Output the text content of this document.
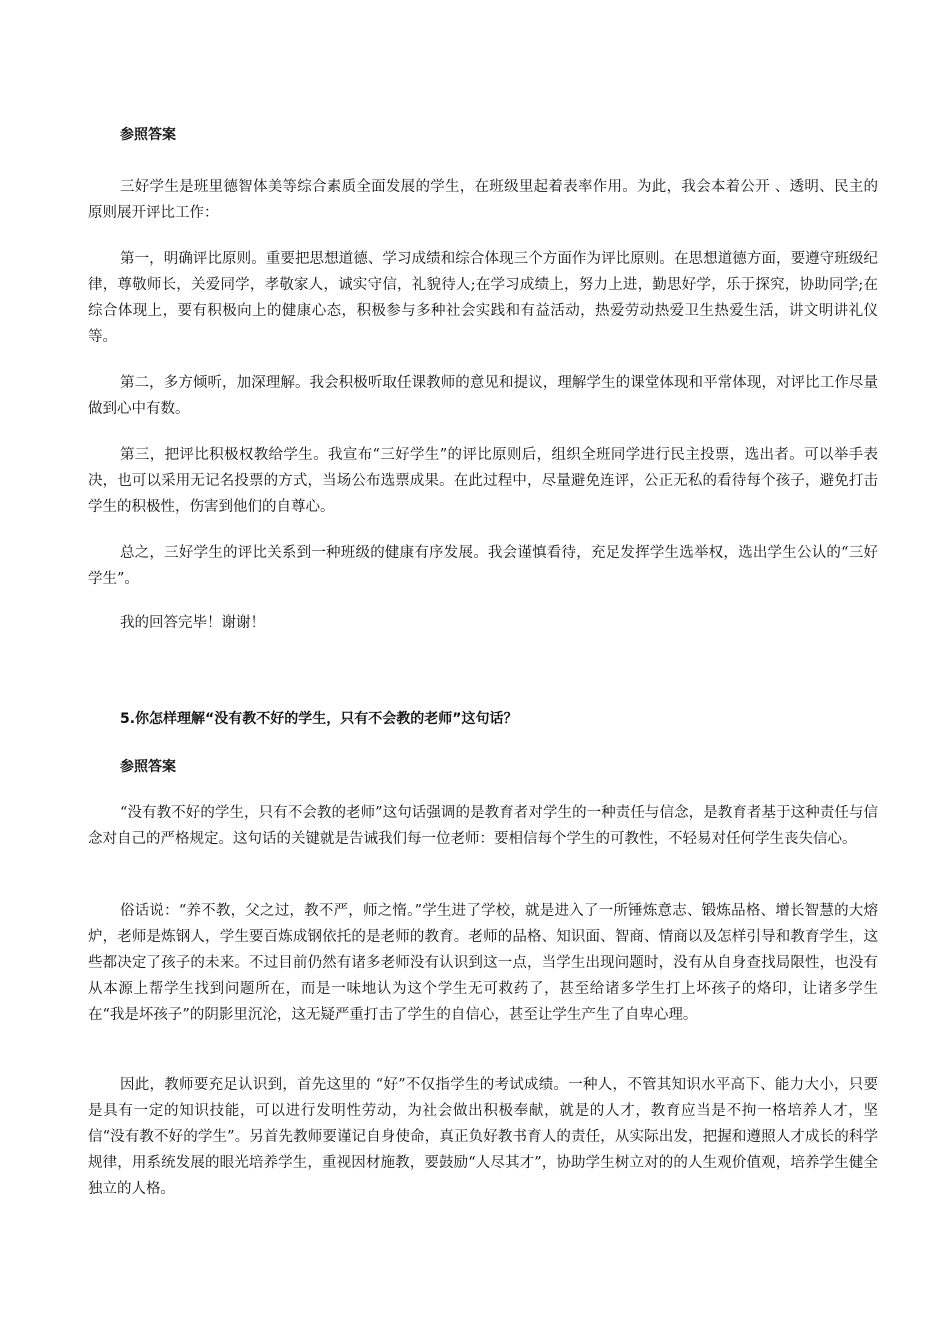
参照答案

三好学生是班里德智体美等综合素质全面发展的学生，在班级里起着表率作用。为此，我会本着公开 、透明、民主的原则展开评比工作：

第一，明确评比原则。重要把思想道德、学习成绩和综合体现三个方面作为评比原则。在思想道德方面，要遵守班级纪律，尊敬师长，关爱同学，孝敬家人，诚实守信，礼貌待人;在学习成绩上，努力上进，勤思好学，乐于探究，协助同学;在综合体现上，要有积极向上的健康心态，积极参与多种社会实践和有益活动，热爱劳动热爱卫生热爱生活，讲文明讲礼仪等。

第二，多方倾听，加深理解。我会积极听取任课教师的意见和提议，理解学生的课堂体现和平常体现，对评比工作尽量做到心中有数。

第三，把评比积极权教给学生。我宣布“三好学生”的评比原则后，组织全班同学进行民主投票，选出者。可以举手表决，也可以采用无记名投票的方式，当场公布选票成果。在此过程中，尽量避免连评，公正无私的看待每个孩子，避免打击学生的积极性，伤害到他们的自尊心。

总之，三好学生的评比关系到一种班级的健康有序发展。我会谨慎看待，充足发挥学生选举权，选出学生公认的“三好学生”。

我的回答完毕！谢谢！

5.你怎样理解“没有教不好的学生，只有不会教的老师”这句话？

参照答案

“没有教不好的学生，只有不会教的老师”这句话强调的是教育者对学生的一种责任与信念，是教育者基于这种责任与信念对自己的严格规定。这句话的关键就是告诫我们每一位老师：要相信每个学生的可教性，不轻易对任何学生丧失信心。

俗话说：“养不教，父之过，教不严，师之惰。”学生进了学校，就是进入了一所锤炼意志、锻炼品格、增长智慧的大熔炉，老师是炼钢人，学生要百炼成钢依托的是老师的教育。老师的品格、知识面、智商、情商以及怎样引导和教育学生，这些都决定了孩子的未来。不过目前仍然有诸多老师没有认识到这一点，当学生出现问题时，没有从自身查找局限性，也没有从本源上帮学生找到问题所在，而是一味地认为这个学生无可救药了，甚至给诸多学生打上坏孩子的烙印，让诸多学生在“我是坏孩子”的阴影里沉沦，这无疑严重打击了学生的自信心，甚至让学生产生了自卑心理。

因此，教师要充足认识到，首先这里的 “好”不仅指学生的考试成绩。一种人，不管其知识水平高下、能力大小，只要是具有一定的知识技能，可以进行发明性劳动，为社会做出积极奉献，就是的人才，教育应当是不拘一格培养人才，坚信“没有教不好的学生”。另首先教师要谨记自身使命，真正负好教书育人的责任，从实际出发，把握和遵照人才成长的科学规律，用系统发展的眼光培养学生，重视因材施教，要鼓励“人尽其才”，协助学生树立对的的人生观价值观，培养学生健全独立的人格。
